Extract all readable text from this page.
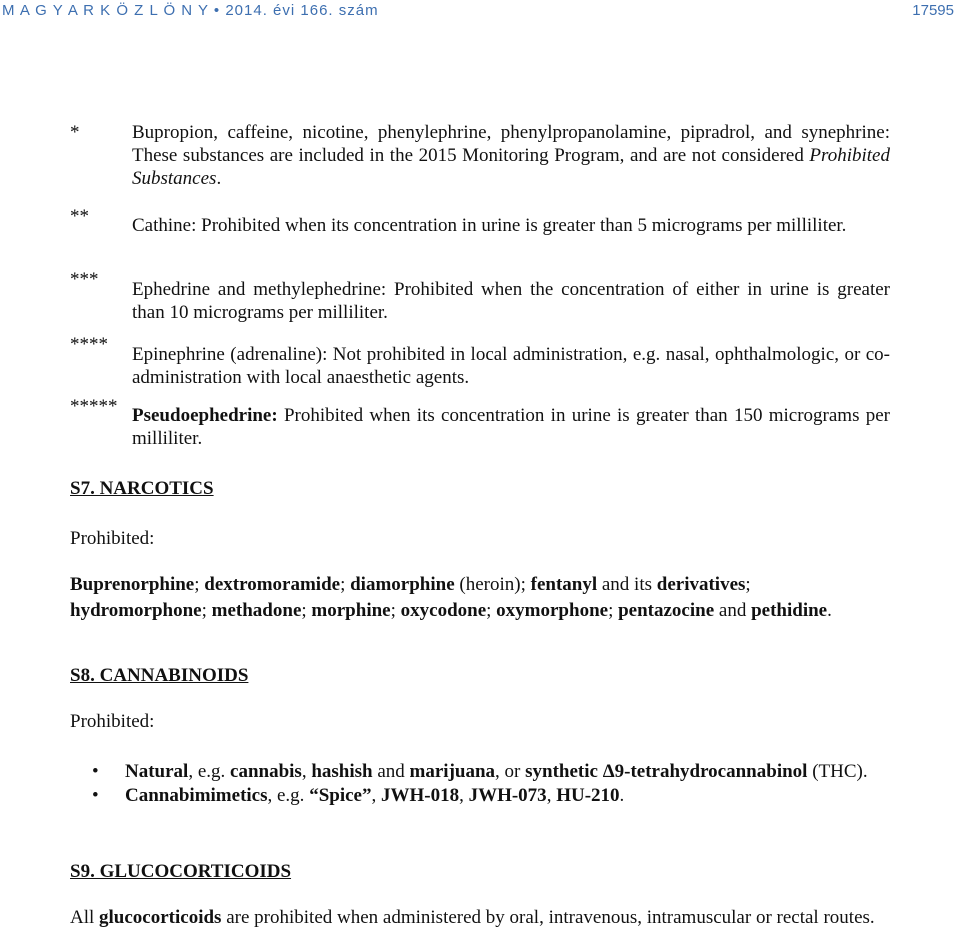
M A G Y A R K Ö Z L Ö N Y • 2014. évi 166. szám	17595
*	Bupropion, caffeine, nicotine, phenylephrine, phenylpropanolamine, pipradrol, and synephrine: These substances are included in the 2015 Monitoring Program, and are not considered Prohibited Substances.
** Cathine: Prohibited when its concentration in urine is greater than 5 micrograms per milliliter.
*** Ephedrine and methylephedrine: Prohibited when the concentration of either in urine is greater than 10 micrograms per milliliter.
**** Epinephrine (adrenaline): Not prohibited in local administration, e.g. nasal, ophthalmologic, or co-administration with local anaesthetic agents.
***** Pseudoephedrine: Prohibited when its concentration in urine is greater than 150 micrograms per milliliter.
S7. NARCOTICS
Prohibited:
Buprenorphine; dextromoramide; diamorphine (heroin); fentanyl and its derivatives; hydromorphone; methadone; morphine; oxycodone; oxymorphone; pentazocine and pethidine.
S8. CANNABINOIDS
Prohibited:
• Natural, e.g. cannabis, hashish and marijuana, or synthetic Δ9-tetrahydrocannabinol (THC).
• Cannabimimetics, e.g. “Spice”, JWH-018, JWH-073, HU-210.
S9. GLUCOCORTICOIDS
All glucocorticoids are prohibited when administered by oral, intravenous, intramuscular or rectal routes.
